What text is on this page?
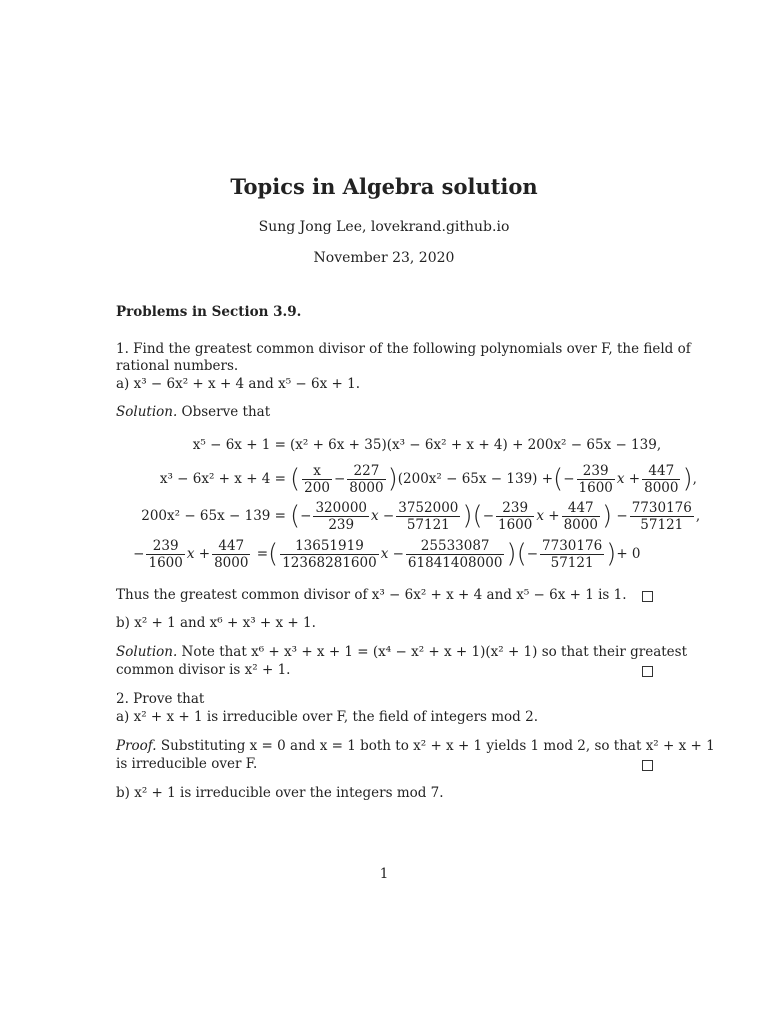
Topics in Algebra solution
Sung Jong Lee, lovekrand.github.io
November 23, 2020
Problems in Section 3.9.
1. Find the greatest common divisor of the following polynomials over F, the field of
rational numbers.
a) x³ − 6x² + x + 4 and x⁵ − 6x + 1.
Solution. Observe that
x⁵ − 6x + 1 = (x² + 6x + 35)(x³ − 6x² + x + 4) + 200x² − 65x − 139,
x³ − 6x² + x + 4 = ( $\frac{x}{200} - \frac{227}{8000}$ ) (200x² − 65x − 139) + ( − $\frac{239}{1600}$ $x + \frac{447}{8000}$ ) ,
200x² − 65x − 139 = ( − $\frac{320000}{239}$ $x - \frac{3752000}{57121}$ ) ( − $\frac{239}{1600}$ $x + \frac{447}{8000}$ ) − $\frac{7730176}{57121}$ ,
− $\frac{239}{1600}$ $x + \frac{447}{8000}$ = ( $\frac{13651919}{12368281600}$ $x - \frac{25533087}{61841408000}$ ) ( − $\frac{7730176}{57121}$ ) + 0
Thus the greatest common divisor of x³ − 6x² + x + 4 and x⁵ − 6x + 1 is 1.
b) x² + 1 and x⁶ + x³ + x + 1.
Solution. Note that x⁶ + x³ + x + 1 = (x⁴ − x² + x + 1)(x² + 1) so that their greatest
common divisor is x² + 1.
2. Prove that
a) x² + x + 1 is irreducible over F, the field of integers mod 2.
Proof. Substituting x = 0 and x = 1 both to x² + x + 1 yields 1 mod 2, so that x² + x + 1
is irreducible over F.
b) x² + 1 is irreducible over the integers mod 7.
1
